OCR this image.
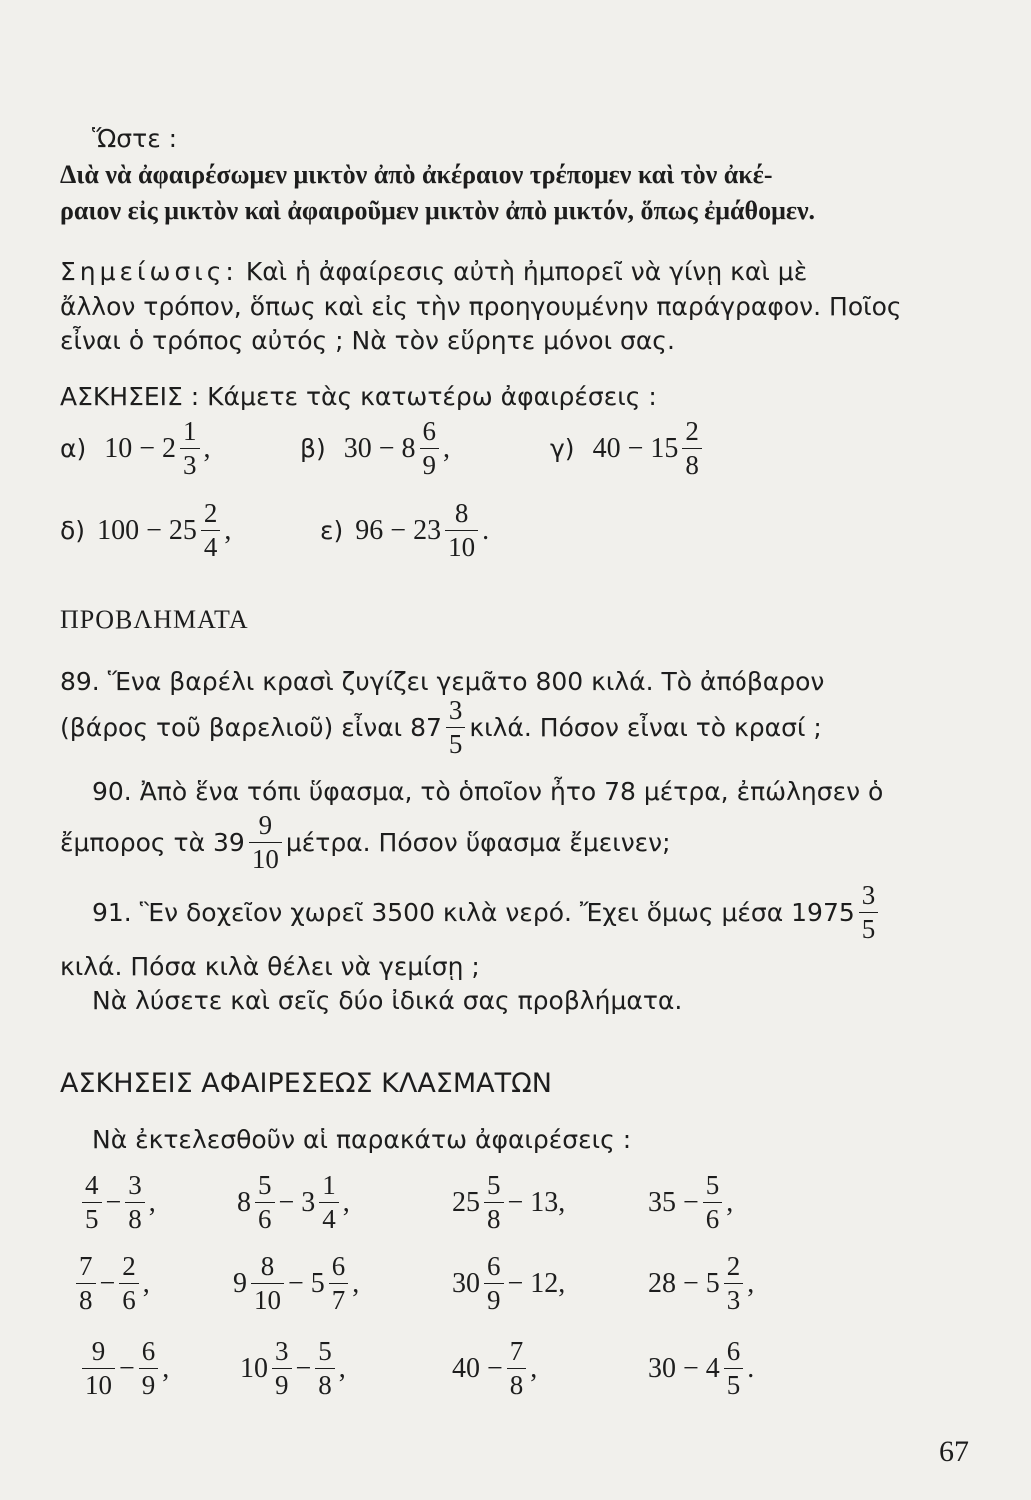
Ὥστε :
Διὰ νὰ ἀφαιρέσωμεν μικτὸν ἀπὸ ἀκέραιον τρέπομεν καὶ τὸν ἀκέ-
ραιον εἰς μικτὸν καὶ ἀφαιροῦμεν μικτὸν ἀπὸ μικτόν, ὅπως ἐμάθομεν.
Σημείωσις: Καὶ ἡ ἀφαίρεσις αὐτὴ ἠμπορεῖ νὰ γίνῃ καὶ μὲ
ἄλλον τρόπον, ὅπως καὶ εἰς τὴν προηγουμένην παράγραφον. Ποῖος
εἶναι ὁ τρόπος αὐτός ; Νὰ τὸν εὕρητε μόνοι σας.
ΑΣΚΗΣΕΙΣ : Κάμετε τὰς κατωτέρω ἀφαιρέσεις :
α) $10 - 2 \frac{1}{3}$ ,	β) $30 - 8 \frac{6}{9}$ ,	γ) $40 - 15 \frac{2}{8}$
δ) $100 - 25 \frac{2}{4}$ ,	ε) $96 - 23 \frac{8}{10}$ .
ΠΡΟΒΛΗΜΑΤΑ
89. Ἕνα βαρέλι κρασὶ ζυγίζει γεμᾶτο 800 κιλά. Τὸ ἀπόβαρον
(βάρος τοῦ βαρελιοῦ) εἶναι $87 \frac{3}{5} \kappa\iota\lambda ά$. Πόσον εἶναι τὸ κρασί ;
90. Ἀπὸ ἕνα τόπι ὕφασμα, τὸ ὁποῖον ἦτο 78 μέτρα, ἐπώλησεν ὁ
ἔμπορος τὰ $39 \frac{9}{10} \mu έ\tau\rho\alpha$. Πόσον ὕφασμα ἔμεινεν;
91. Ἓν δοχεῖον χωρεῖ 3500 κιλὰ νερό. Ἔχει ὅμως μέσα $1975 \frac{3}{5}$
κιλά. Πόσα κιλὰ θέλει νὰ γεμίσῃ ;
Νὰ λύσετε καὶ σεῖς δύο ἰδικά σας προβλήματα.
ΑΣΚΗΣΕΙΣ ΑΦΑΙΡΕΣΕΩΣ ΚΛΑΣΜΑΤΩΝ
Νὰ ἐκτελεσθοῦν αἱ παρακάτω ἀφαιρέσεις :
$\frac{4}{5} - \frac{3}{8}$ ,	$8 \frac{5}{6} - 3 \frac{1}{4}$ ,	$25 \frac{5}{8} - 13$,	$35 - \frac{5}{6}$ ,
$\frac{7}{8} - \frac{2}{6}$ ,	$9 \frac{8}{10} - 5 \frac{6}{7}$ ,	$30 \frac{6}{9} - 12$,	$28 - 5 \frac{2}{3}$ ,
$\frac{9}{10} - \frac{6}{9}$ ,	$10 \frac{3}{9} - \frac{5}{8}$ ,	$40 - \frac{7}{8}$ ,	$30 - 4 \frac{6}{5}$ .
67
